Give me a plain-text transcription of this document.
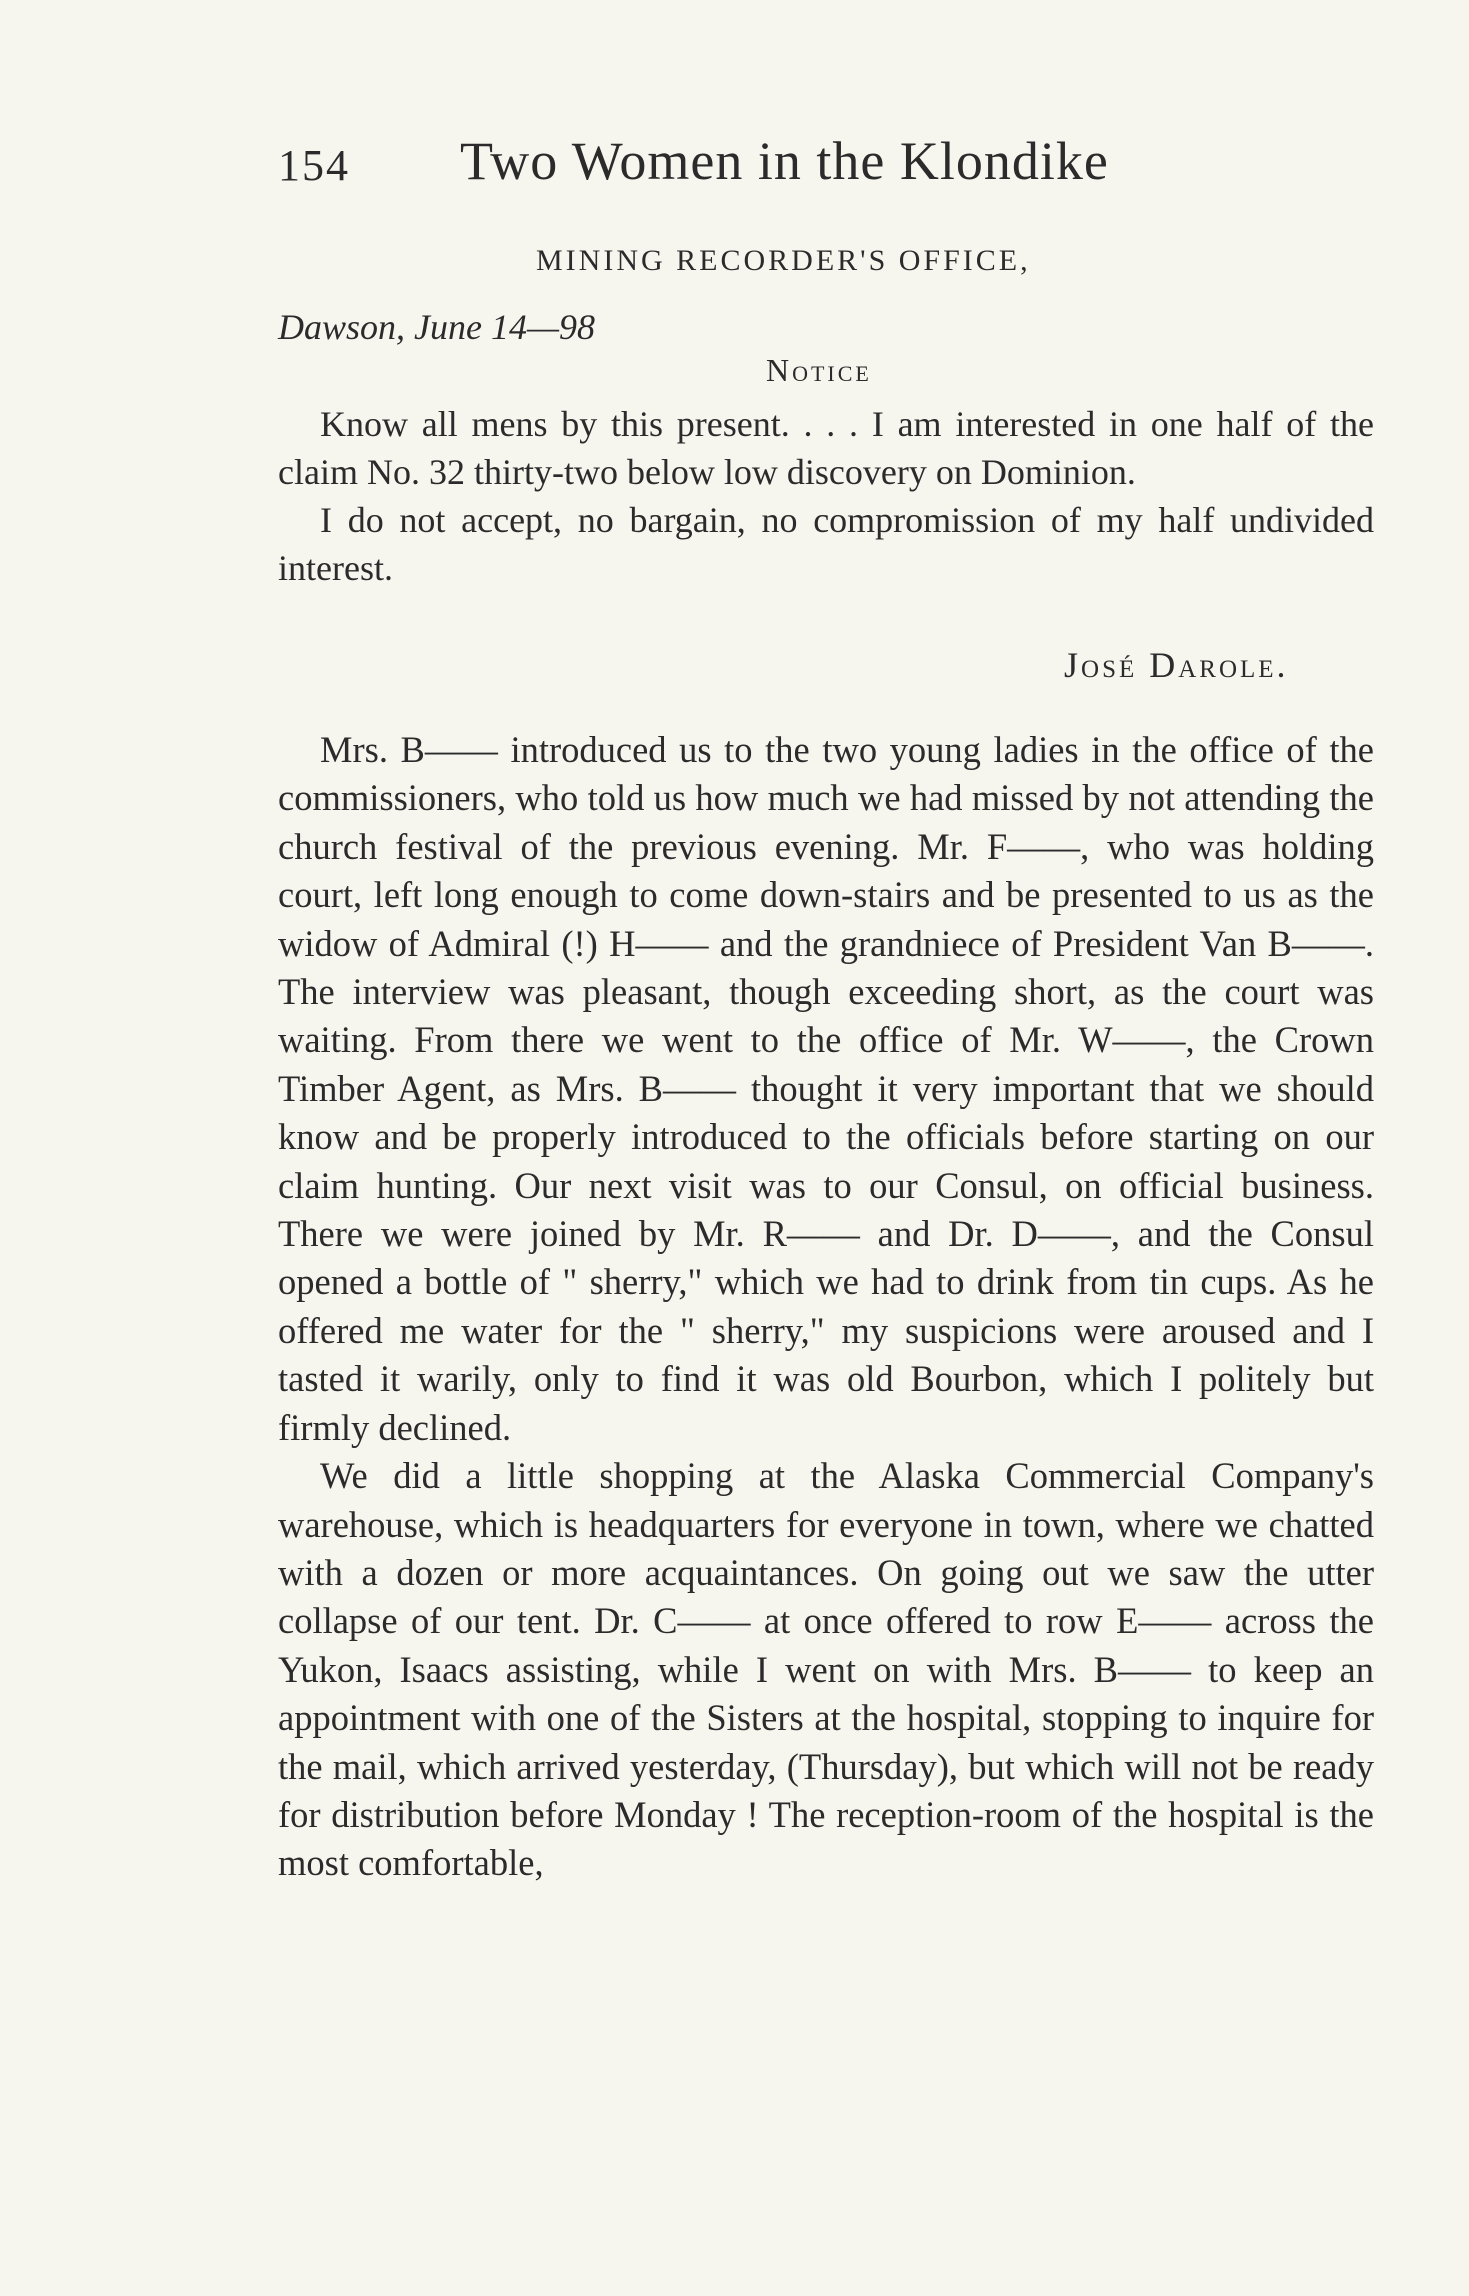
154 Two Women in the Klondike
MINING RECORDER'S OFFICE,
Dawson, June 14—98
Notice

Know all mens by this present. . . . I am interested in one half of the claim No. 32 thirty-two below low discovery on Dominion.

I do not accept, no bargain, no compromission of my half undivided interest.

José Darole.

Mrs. B—— introduced us to the two young ladies in the office of the commissioners, who told us how much we had missed by not attending the church festival of the previous evening. Mr. F——, who was holding court, left long enough to come down-stairs and be presented to us as the widow of Admiral (!) H—— and the grandniece of President Van B——. The interview was pleasant, though exceeding short, as the court was waiting. From there we went to the office of Mr. W——, the Crown Timber Agent, as Mrs. B—— thought it very important that we should know and be properly introduced to the officials before starting on our claim hunting. Our next visit was to our Consul, on official business. There we were joined by Mr. R—— and Dr. D——, and the Consul opened a bottle of " sherry," which we had to drink from tin cups. As he offered me water for the " sherry," my suspicions were aroused and I tasted it warily, only to find it was old Bourbon, which I politely but firmly declined.

We did a little shopping at the Alaska Commercial Company's warehouse, which is headquarters for everyone in town, where we chatted with a dozen or more acquaintances. On going out we saw the utter collapse of our tent. Dr. C—— at once offered to row E—— across the Yukon, Isaacs assisting, while I went on with Mrs. B—— to keep an appointment with one of the Sisters at the hospital, stopping to inquire for the mail, which arrived yesterday, (Thursday), but which will not be ready for distribution before Monday ! The reception-room of the hospital is the most comfortable,
